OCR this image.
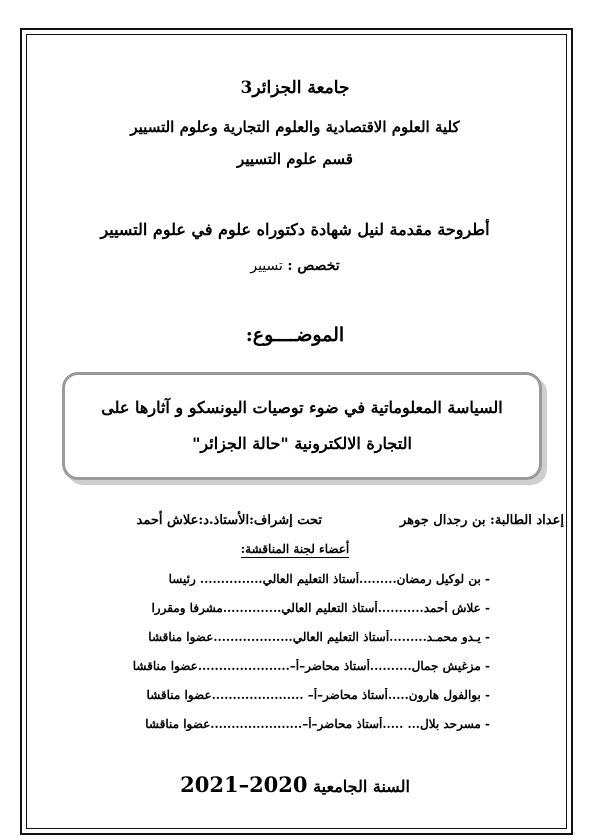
جامعة الجزائر3
كلية العلوم الاقتصادية والعلوم التجارية وعلوم التسيير
قسم علوم التسيير
أطروحة مقدمة لنيل شهادة دكتوراه علوم في علوم التسيير
تخصص : تسيير
الموضــــوع:
السياسة المعلوماتية في ضوء توصيات اليونسكو و آثارها على
التجارة الالكترونية "حالة الجزائر"
إعداد الطالبة: بن رجدال جوهر
تحت إشراف:الأستاذ.د:علاش أحمد
أعضاء لجنة المناقشة:
- بن لوكيل رمضان.........أستاذ التعليم العالي............... رئيسا
- علاش أحمد...........أستاذ التعليم العالي..............مشرفا ومقررا
- يـدو محمـد.........أستاذ التعليم العالي...................عضوا مناقشا
- مزغيش جمال..........أستاذ محاضر–أ–......................عضوا مناقشا
- بوالفول هارون.....أستاذ محاضر–أ– ......................عضوا مناقشا
- مسرحد بلال... .....أستاذ محاضر–أ–......................عضوا مناقشا
السنة الجامعية 2020–2021
